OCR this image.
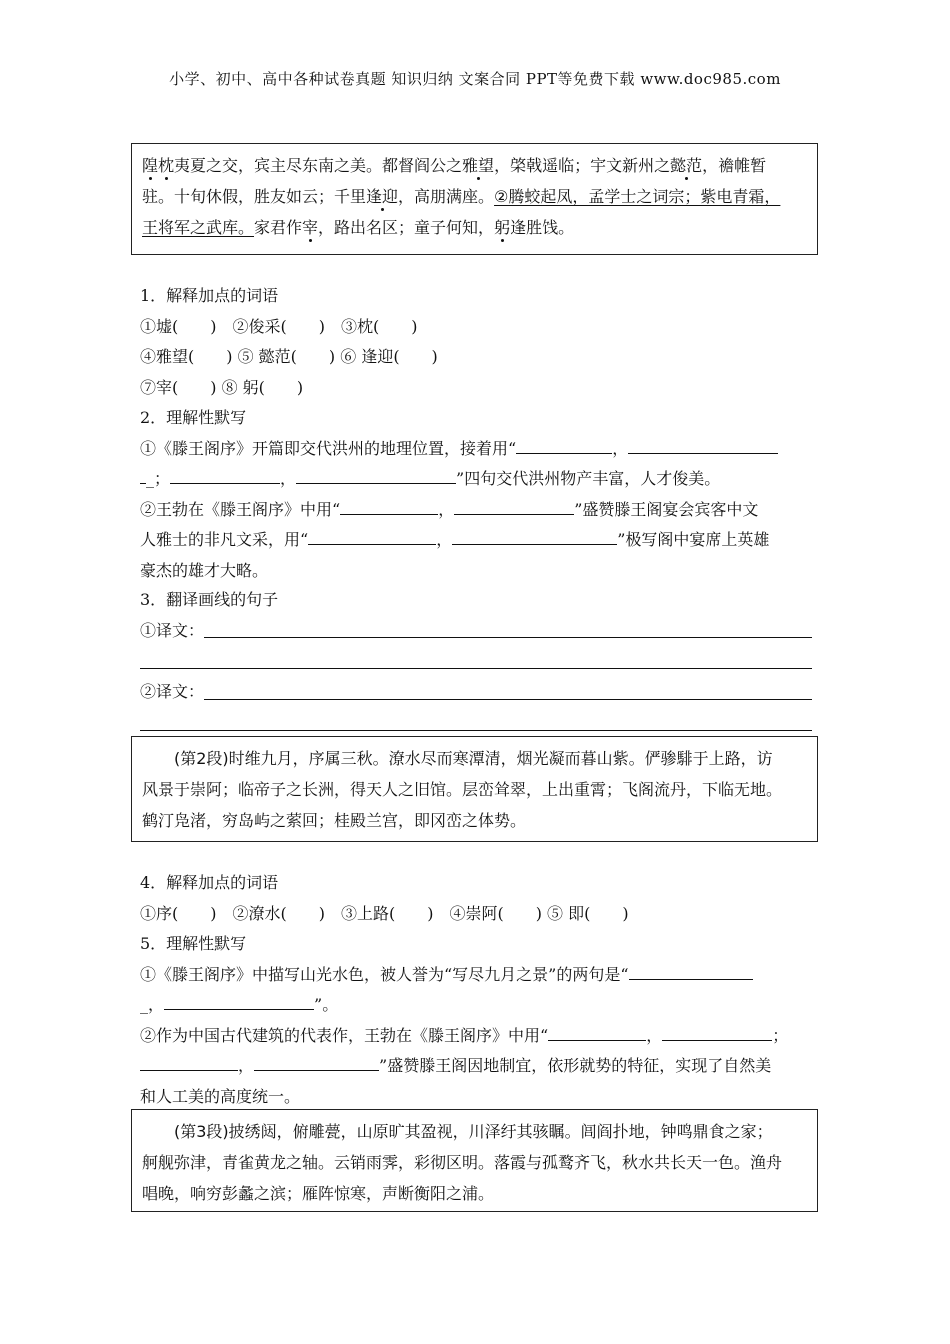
小学、初中、高中各种试卷真题 知识归纳 文案合同 PPT等免费下载 www.doc985.com

隍枕夷夏之交，宾主尽东南之美。都督阎公之雅望，棨戟遥临；宇文新州之懿范，襜帷暂

驻。十旬休假，胜友如云；千里逢迎，高朋满座。②腾蛟起凤，孟学士之词宗；紫电青霜，

王将军之武库。家君作宰，路出名区；童子何知，躬逢胜饯。

1．解释加点的词语

①墟(　　)　②俊采(　　)　③枕(　　)

④雅望(　　) ⑤ 懿范(　　) ⑥ 逢迎(　　)

⑦宰(　　) ⑧ 躬(　　)

2．理解性默写

①《滕王阁序》开篇即交代洪州的地理位置，接着用“	，

_；	，	”四句交代洪州物产丰富，人才俊美。

②王勃在《滕王阁序》中用“	，	”盛赞滕王阁宴会宾客中文

人雅士的非凡文采，用“	，	”极写阁中宴席上英雄

豪杰的雄才大略。

3．翻译画线的句子

①译文：
②译文：

(第2段)时维九月，序属三秋。潦水尽而寒潭清，烟光凝而暮山紫。俨骖騑于上路，访

风景于崇阿；临帝子之长洲，得天人之旧馆。层峦耸翠，上出重霄；飞阁流丹，下临无地。

鹤汀凫渚，穷岛屿之萦回；桂殿兰宫，即冈峦之体势。

4．解释加点的词语

①序(　　)　②潦水(　　)　③上路(　　)　④崇阿(　　) ⑤ 即(　　)

5．理解性默写

①《滕王阁序》中描写山光水色，被人誉为“写尽九月之景”的两句是“

_，	”。

②作为中国古代建筑的代表作，王勃在《滕王阁序》中用“	，	；

，	”盛赞滕王阁因地制宜，依形就势的特征，实现了自然美

和人工美的高度统一。

(第3段)披绣闼，俯雕甍，山原旷其盈视，川泽纡其骇瞩。闾阎扑地，钟鸣鼎食之家；

舸舰弥津，青雀黄龙之轴。云销雨霁，彩彻区明。落霞与孤鹜齐飞，秋水共长天一色。渔舟

唱晚，响穷彭蠡之滨；雁阵惊寒，声断衡阳之浦。
